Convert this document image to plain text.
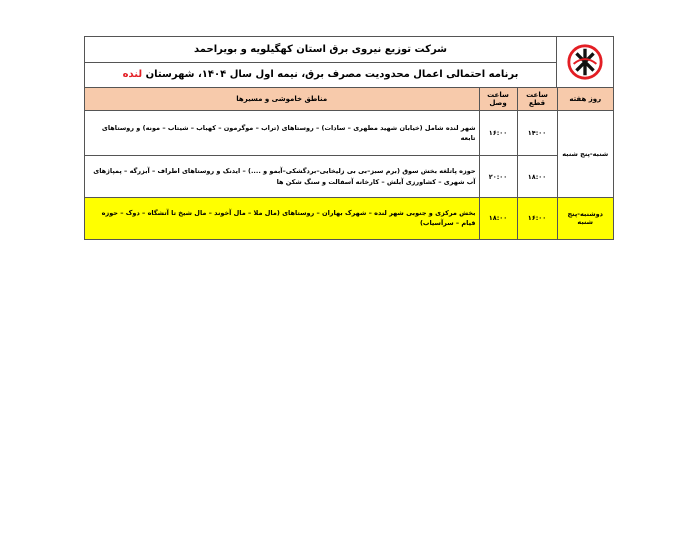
شرکت توزیع نیروی برق استان کهگیلویه و بویراحمد
برنامه احتمالی اعمال محدودیت مصرف برق، نیمه اول سال ۱۴۰۴، شهرستان

لنده
روز هفته	ساعت قطع	ساعت وصل	مناطق خاموشی و مسیرها
شنبه-پنج شنبه	۱۴:۰۰	۱۶:۰۰	شهر لنده شامل (خیابان شهید مطهری – سادات) – روستاهای (تراب – موگرمون – کهباب – شیتاب – مونه) و روستاهای تابعه
	۱۸:۰۰	۲۰:۰۰	حوزه پاتلغه بخش سوق (برم سبز–بی بی زلیخایی–بردگشکی–آبمو و ....) – ایدنک و روستاهای اطراف – آبزرگه – پمپاژهای آب شهری – کشاورزی آبلش – کارخانه آسفالت و سنگ شکن ها
دوشنبه-پنج شنبه	۱۶:۰۰	۱۸:۰۰	بخش مرکزی و جنوبی شهر لنده – شهرک بهاران – روستاهای (مال ملا – مال آخوند – مال شیخ تا آتشگاه – دوک – حوزه قیام – سرآسیاب)
